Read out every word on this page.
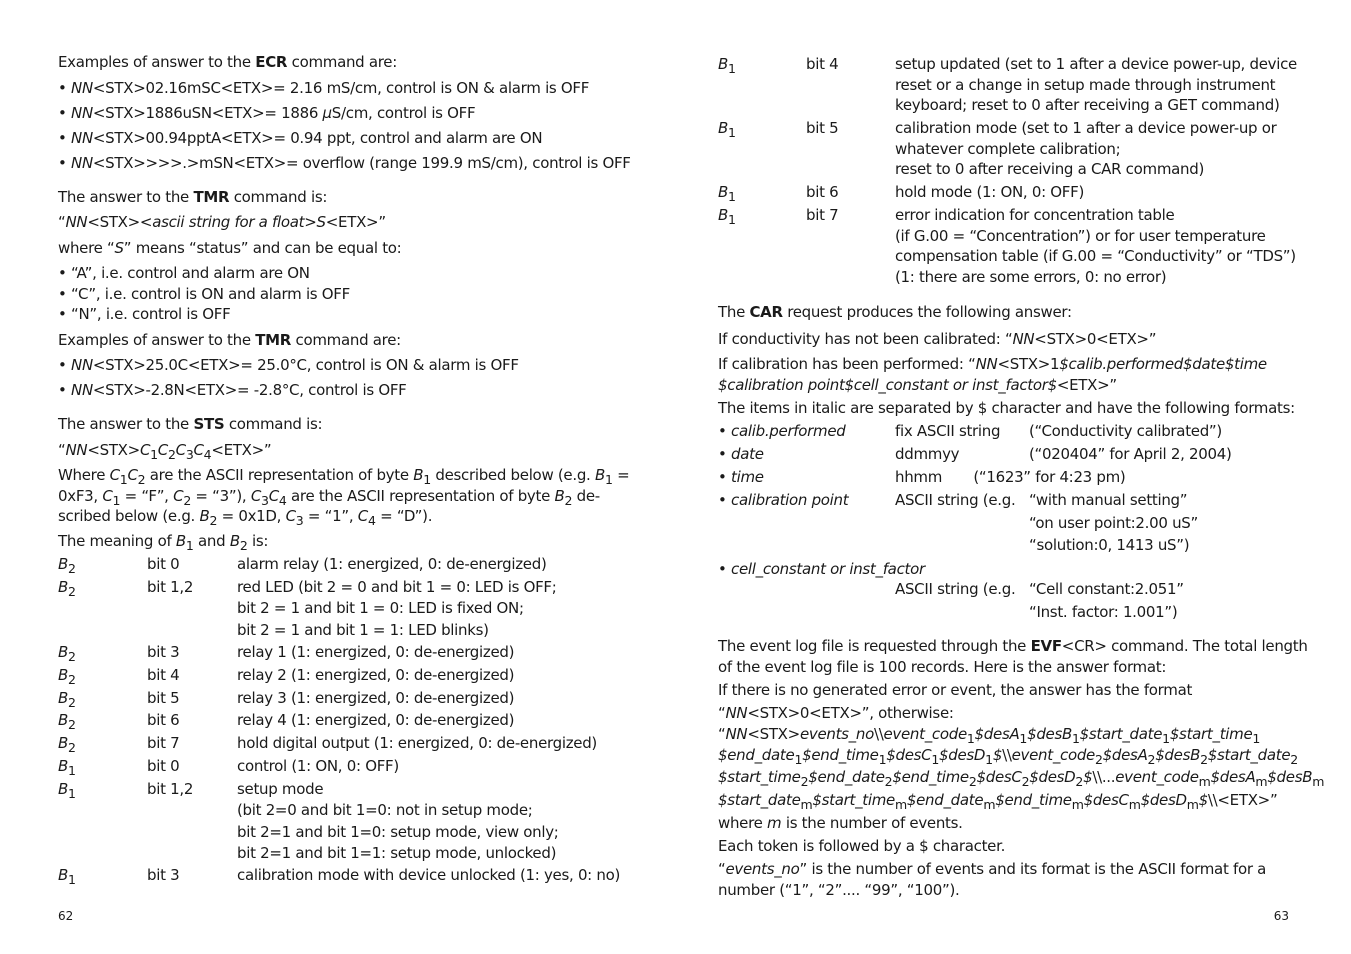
Examples of answer to the ECR command are:
• NN<STX>02.16mSC<ETX>= 2.16 mS/cm, control is ON & alarm is OFF
• NN<STX>1886uSN<ETX>= 1886 µS/cm, control is OFF
• NN<STX>00.94pptA<ETX>= 0.94 ppt, control and alarm are ON
• NN<STX>>>>.>mSN<ETX>= overflow (range 199.9 mS/cm), control is OFF
The answer to the TMR command is:
“NN<STX><ascii string for a float>S<ETX>”
where “S” means “status” and can be equal to:
• “A”, i.e. control and alarm are ON
• “C”, i.e. control is ON and alarm is OFF
• “N”, i.e. control is OFF
Examples of answer to the TMR command are:
• NN<STX>25.0C<ETX>= 25.0°C, control is ON & alarm is OFF
• NN<STX>-2.8N<ETX>= -2.8°C, control is OFF
The answer to the STS command is:
“$NN<STX>C_1C_2C_3C_4<ETX>$”
Where $C_1C_2$ are the ASCII representation of byte $B_1$ described below (e.g. $B_1$ =
0xF3, $C_1$ = “F”, $C_2$ = “3”), $C_3C_4$ are the ASCII representation of byte $B_2$ de-
scribed below (e.g. $B_2 = 0x1D$, $C_3$ = “1”, $C_4$ = “D”).
The meaning of $B_1$ and $B_2$ is:
$B_2$	bit 0	alarm relay (1: energized, 0: de-energized)
$B_2$	bit 1,2	red LED (bit 2 = 0 and bit 1 = 0: LED is OFF;
bit 2 = 1 and bit 1 = 0: LED is fixed ON;
bit 2 = 1 and bit 1 = 1: LED blinks)
$B_2$	bit 3	relay 1 (1: energized, 0: de-energized)
$B_2$	bit 4	relay 2 (1: energized, 0: de-energized)
$B_2$	bit 5	relay 3 (1: energized, 0: de-energized)
$B_2$	bit 6	relay 4 (1: energized, 0: de-energized)
$B_2$	bit 7	hold digital output (1: energized, 0: de-energized)
$B_1$	bit 0	control (1: ON, 0: OFF)
$B_1$	bit 1,2	setup mode
(bit 2=0 and bit 1=0: not in setup mode;
bit 2=1 and bit 1=0: setup mode, view only;
bit 2=1 and bit 1=1: setup mode, unlocked)
$B_1$	bit 3	calibration mode with device unlocked (1: yes, 0: no)
62
$B_1$	bit 4	setup updated (set to 1 after a device power-up, device
reset or a change in setup made through instrument
keyboard; reset to 0 after receiving a GET command)
$B_1$	bit 5	calibration mode (set to 1 after a device power-up or
whatever complete calibration;
reset to 0 after receiving a CAR command)
$B_1$	bit 6	hold mode (1: ON, 0: OFF)
$B_1$	bit 7	error indication for concentration table
(if G.00 = “Concentration”) or for user temperature
compensation table (if G.00 = “Conductivity” or “TDS”)
(1: there are some errors, 0: no error)
The CAR request produces the following answer:
If conductivity has not been calibrated: “NN<STX>0<ETX>”
If calibration has been performed: “NN<STX>1$calib.performed$date$time
$calibration point$cell_constant or inst_factor$<ETX>”
The items in italic are separated by $ character and have the following formats:
The event log file is requested through the EVF<CR> command. The total length
of the event log file is 100 records. Here is the answer format:
If there is no generated error or event, the answer has the format
“NN<STX>0<ETX>”, otherwise:
“NN<STX>events_no\\event_code$_1$\$desA$_1$\$desB$_1$\$start_date$_1$\$start_time$_1$
$end_date$_1$\$end_time$_1$\$desC$_1$\$desD$_1$\$\\event_code$_2$\$desA$_2$\$desB$_2$\$start_date$_2$
$start_time$_2$\$end_date$_2$\$end_time$_2$\$desC$_2$\$desD$_2$\$\\...event_code$_m$\$desA$_m$\$desB$_m$
$start_date$_m$\$start_time$_m$\$end_date$_m$\$end_time$_m$\$desC$_m$\$desD$_m$\$\\<ETX>”
where m is the number of events.
Each token is followed by a $ character.
“events_no” is the number of events and its format is the ASCII format for a
number (“1”, “2”.... “99”, “100”).
• calib.performed	fix ASCII string (“Conductivity calibrated”)
• date	ddmmyy	(“020404” for April 2, 2004)
• time	hhmm       (“1623” for 4:23 pm)
• calibration point	ASCII string (e.g. “with manual setting”
“on user point:2.00 uS”
“solution:0, 1413 uS”)
• cell_constant or inst_factor
ASCII string (e.g. “Cell constant:2.051”
“Inst. factor: 1.001”)
63
